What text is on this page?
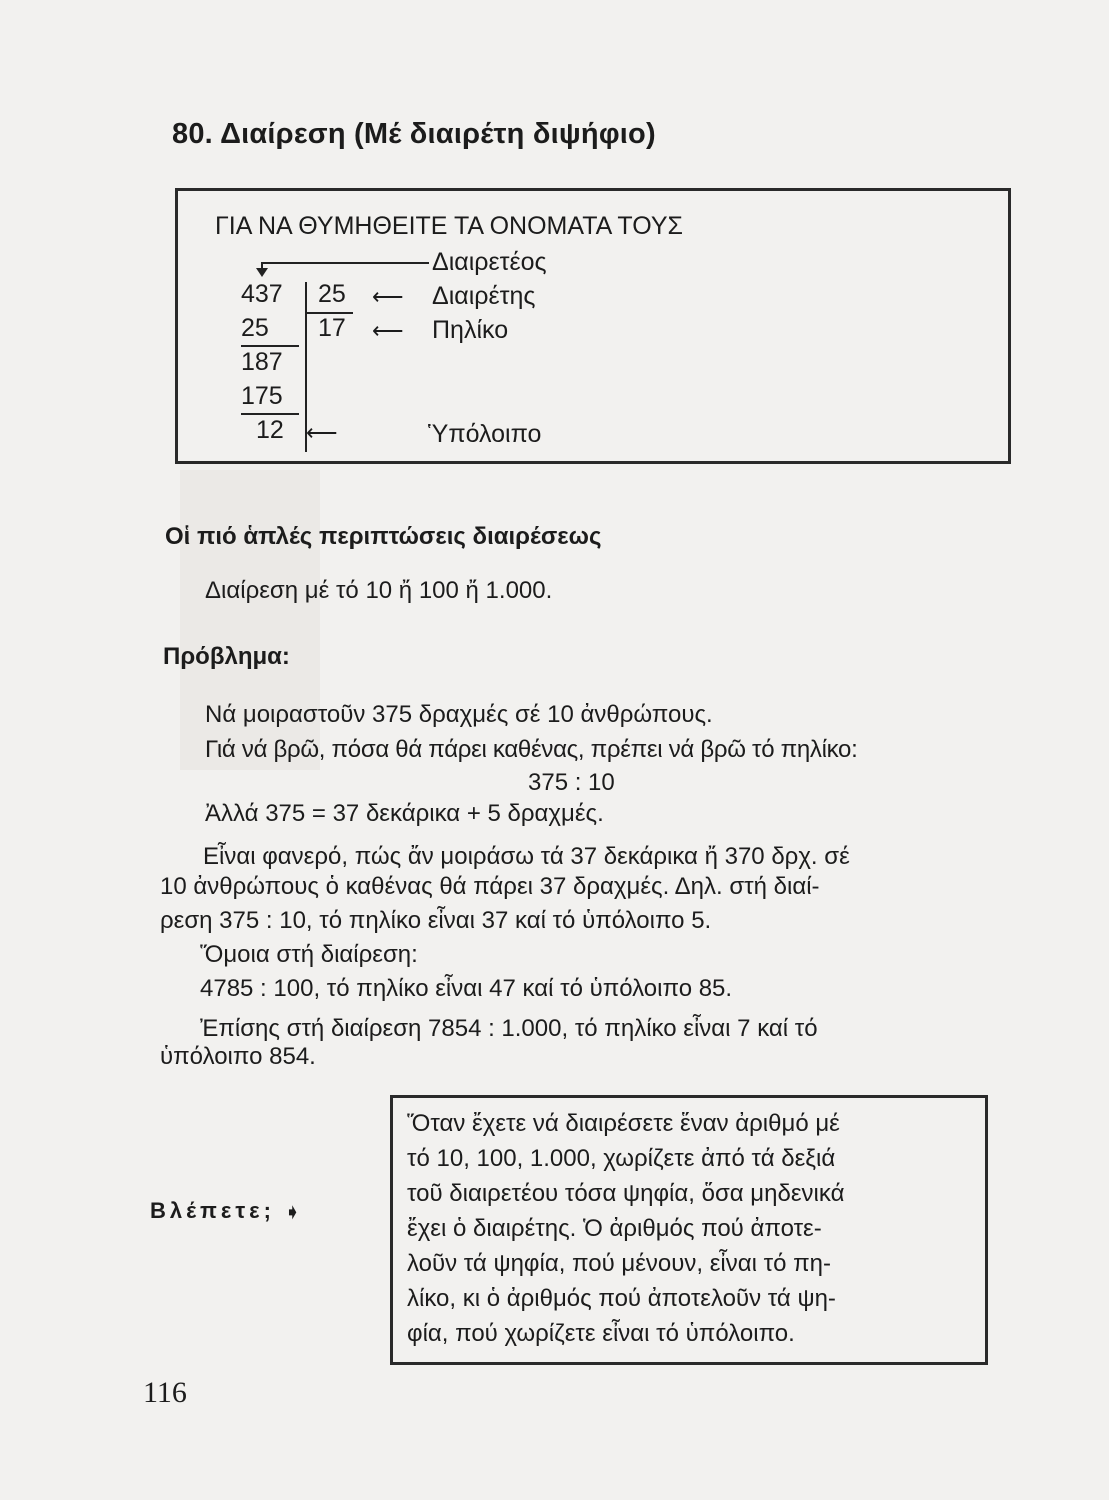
80. Διαίρεση (Μέ διαιρέτη διψήφιο)
ΓΙΑ ΝΑ ΘΥΜΗΘΕΙΤΕ ΤΑ ΟΝΟΜΑΤΑ ΤΟΥΣ
Διαιρετέος
437 25
17
25
187
175
12
⟵ Διαιρέτης
⟵ Πηλίκο
⟵	Ὑπόλοιπο
Οἱ πιό ἁπλές περιπτώσεις διαιρέσεως
Διαίρεση μέ τό 10 ἤ 100 ἤ 1.000.
Πρόβλημα:
Νά μοιραστοῦν 375 δραχμές σέ 10 ἀνθρώπους.
Γιά νά βρῶ, πόσα θά πάρει καθένας, πρέπει νά βρῶ τό πηλίκο:
375 : 10
Ἀλλά 375 = 37 δεκάρικα + 5 δραχμές.
Εἶναι φανερό, πώς ἄν μοιράσω τά 37 δεκάρικα ἤ 370 δρχ. σέ
10 ἀνθρώπους ὁ καθένας θά πάρει 37 δραχμές. Δηλ. στή διαί-
ρεση 375 : 10, τό πηλίκο εἶναι 37 καί τό ὑπόλοιπο 5.
Ὅμοια στή διαίρεση:
4785 : 100, τό πηλίκο εἶναι 47 καί τό ὑπόλοιπο 85.
Ἐπίσης στή διαίρεση 7854 : 1.000, τό πηλίκο εἶναι 7 καί τό
ὑπόλοιπο 854.
Βλέπετε; ➧
Ὅταν ἔχετε νά διαιρέσετε ἕναν ἀριθμό μέ
τό 10, 100, 1.000, χωρίζετε ἀπό τά δεξιά
τοῦ διαιρετέου τόσα ψηφία, ὅσα μηδενικά
ἔχει ὁ διαιρέτης. Ὁ ἀριθμός πού ἀποτε-
λοῦν τά ψηφία, πού μένουν, εἶναι τό πη-
λίκο, κι ὁ ἀριθμός πού ἀποτελοῦν τά ψη-
φία, πού χωρίζετε εἶναι τό ὑπόλοιπο.
116
